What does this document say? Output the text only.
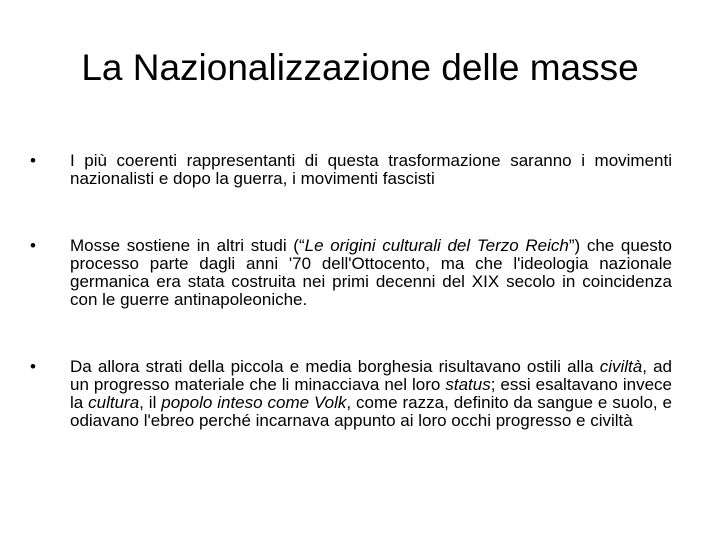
La Nazionalizzazione delle masse
•	I più coerenti rappresentanti di questa trasformazione saranno i movimenti nazionalisti e dopo la guerra, i movimenti fascisti
•	Mosse sostiene in altri studi (“Le origini culturali del Terzo Reich”) che questo processo parte dagli anni '70 dell'Ottocento, ma che l'ideologia nazionale germanica era stata costruita nei primi decenni del XIX secolo in coincidenza con le guerre antinapoleoniche.
•	Da allora strati della piccola e media borghesia risultavano ostili alla civiltà, ad un progresso materiale che li minacciava nel loro status; essi esaltavano invece la cultura, il popolo inteso come Volk, come razza, definito da sangue e suolo, e odiavano l'ebreo perché incarnava appunto ai loro occhi progresso e civiltà
